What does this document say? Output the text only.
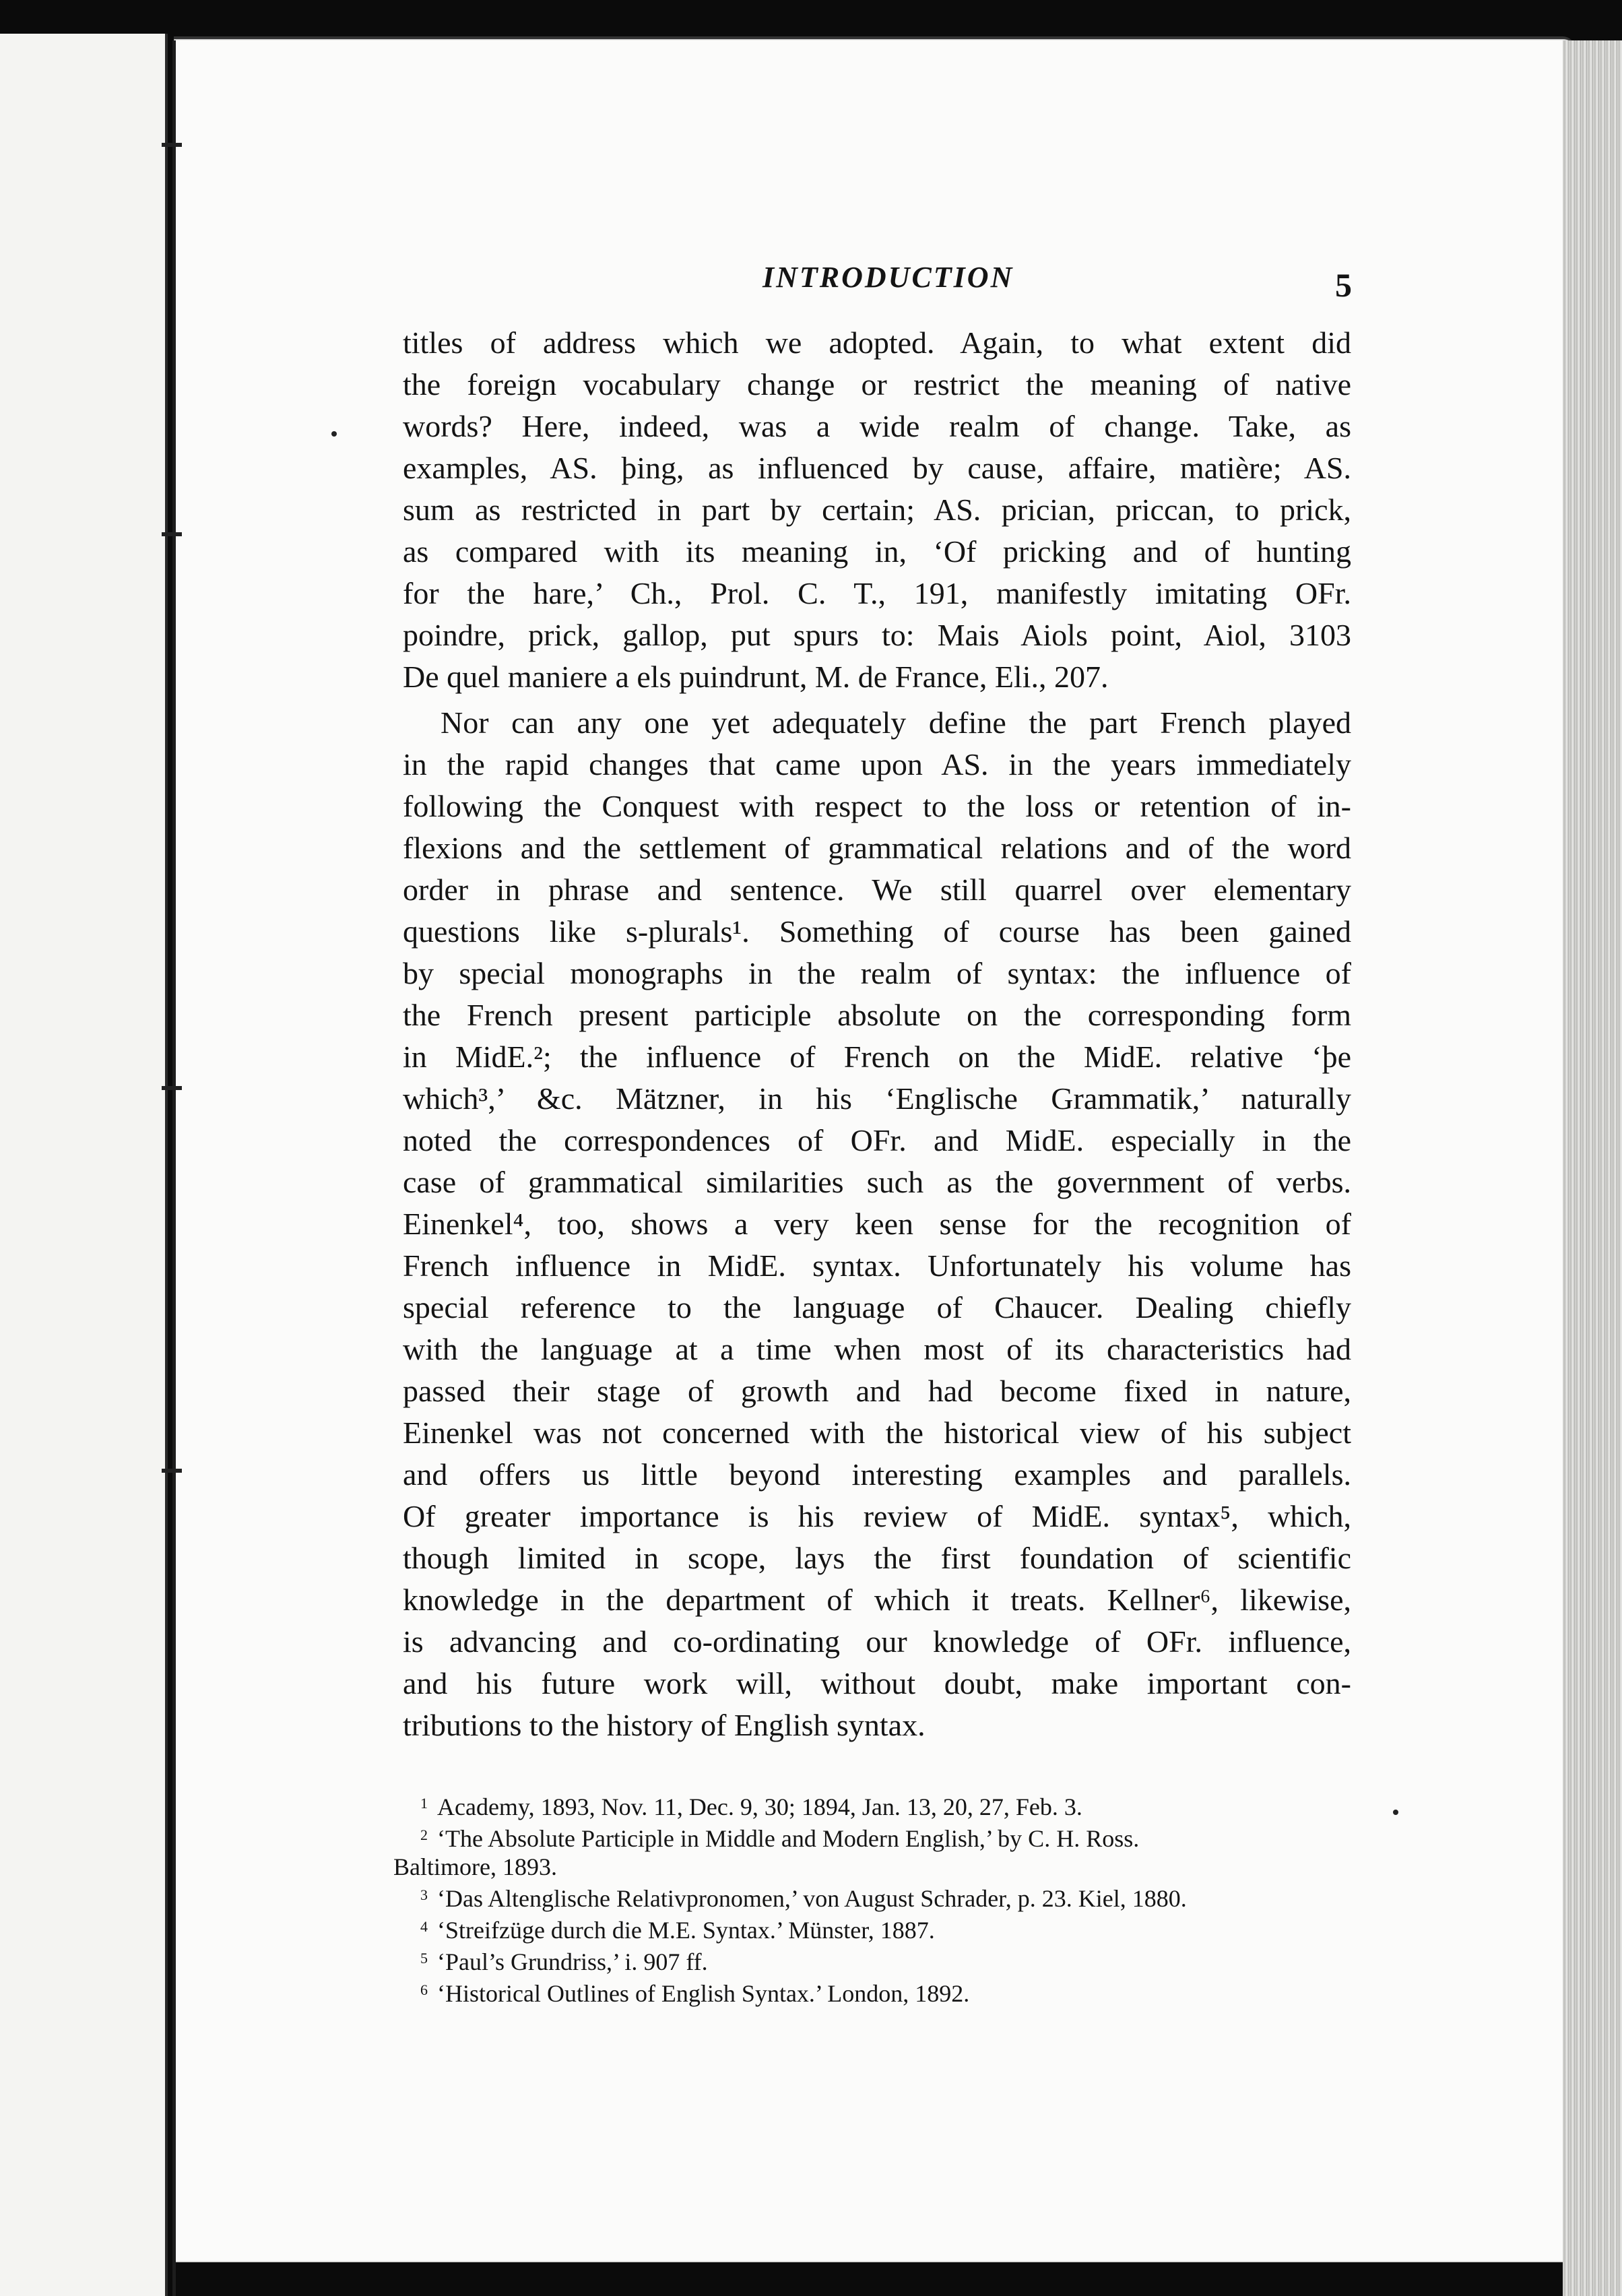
INTRODUCTION	5
titles of address which we adopted. Again, to what extent did
the foreign vocabulary change or restrict the meaning of native
words? Here, indeed, was a wide realm of change. Take, as
examples, AS. þing, as influenced by cause, affaire, matière; AS.
sum as restricted in part by certain; AS. prician, priccan, to prick,
as compared with its meaning in, ‘Of pricking and of hunting
for the hare,’ Ch., Prol. C. T., 191, manifestly imitating OFr.
poindre, prick, gallop, put spurs to: Mais Aiols point, Aiol, 3103
De quel maniere a els puindrunt, M. de France, Eli., 207.
Nor can any one yet adequately define the part French played
in the rapid changes that came upon AS. in the years immediately
following the Conquest with respect to the loss or retention of in-
flexions and the settlement of grammatical relations and of the word
order in phrase and sentence. We still quarrel over elementary
questions like s-plurals¹. Something of course has been gained
by special monographs in the realm of syntax: the influence of
the French present participle absolute on the corresponding form
in MidE.²; the influence of French on the MidE. relative ‘þe
which³,’ &c. Mätzner, in his ‘Englische Grammatik,’ naturally
noted the correspondences of OFr. and MidE. especially in the
case of grammatical similarities such as the government of verbs.
Einenkel⁴, too, shows a very keen sense for the recognition of
French influence in MidE. syntax. Unfortunately his volume has
special reference to the language of Chaucer. Dealing chiefly
with the language at a time when most of its characteristics had
passed their stage of growth and had become fixed in nature,
Einenkel was not concerned with the historical view of his subject
and offers us little beyond interesting examples and parallels.
Of greater importance is his review of MidE. syntax⁵, which,
though limited in scope, lays the first foundation of scientific
knowledge in the department of which it treats. Kellner⁶, likewise,
is advancing and co-ordinating our knowledge of OFr. influence,
and his future work will, without doubt, make important con-
tributions to the history of English syntax.
$^1$ Academy, 1893, Nov. 11, Dec. 9, 30; 1894, Jan. 13, 20, 27, Feb. 3.
$^2$ ‘The Absolute Participle in Middle and Modern English,’ by C. H. Ross.
Baltimore, 1893.
$^3$ ‘Das Altenglische Relativpronomen,’ von August Schrader, p. 23. Kiel, 1880.
$^4$ ‘Streifzüge durch die M.E. Syntax.’ Münster, 1887.
$^5$ ‘Paul’s Grundriss,’ i. 907 ff.
$^6$ ‘Historical Outlines of English Syntax.’ London, 1892.
